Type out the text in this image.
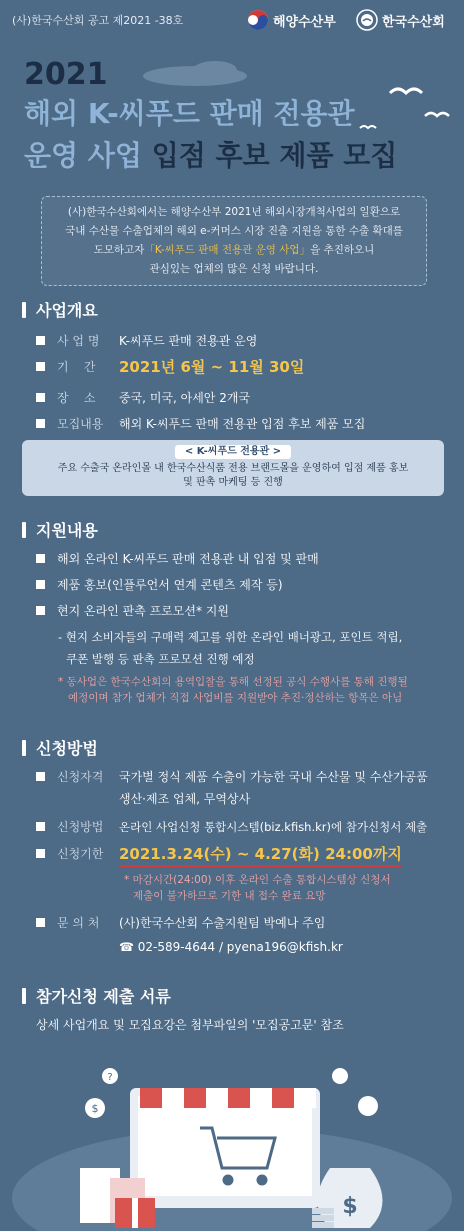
(사)한국수산회 공고 제2021 -38호	해양수산부	한국수산회
2021
해외 K-씨푸드 판매 전용관
운영 사업 입점 후보 제품 모집
(사)한국수산회에서는 해양수산부 2021년 해외시장개척사업의 일환으로
국내 수산물 수출업체의 해외 e-커머스 시장 진출 지원을 통한 수출 확대를
도모하고자「K-씨푸드 판매 전용관 운영 사업」을 추진하오니
관심있는 업체의 많은 신청 바랍니다.
사업개요
사 업 명	K-씨푸드 판매 전용관 운영
기    간	2021년 6월 ~ 11월 30일
장    소	중국, 미국, 아세안 2개국
모집내용	해외 K-씨푸드 판매 전용관 입점 후보 제품 모집
< K-씨푸드 전용관 >
주요 수출국 온라인몰 내 한국수산식품 전용 브랜드몰을 운영하여 입점 제품 홍보
및 판촉 마케팅 등 진행
지원내용
해외 온라인 K-씨푸드 판매 전용관 내 입점 및 판매
제품 홍보(인플루언서 연계 콘텐츠 제작 등)
현지 온라인 판촉 프로모션* 지원
- 현지 소비자들의 구매력 제고를 위한 온라인 배너광고, 포인트 적립,
쿠폰 발행 등 판촉 프로모션 진행 예정
* 동사업은 한국수산회의 용역입찰을 통해 선정된 공식 수행사를 통해 진행될
예정이며 참가 업체가 직접 사업비를 지원받아 추진·정산하는 항목은 아님
신청방법
신청자격	국가별 정식 제품 수출이 가능한 국내 수산물 및 수산가공품
생산·제조 업체, 무역상사
신청방법	온라인 사업신청 통합시스템(biz.kfish.kr)에 참가신청서 제출
신청기한	2021.3.24(수) ~ 4.27(화) 24:00까지
* 마감시간(24:00) 이후 온라인 수출 통합시스템상 신청서
제출이 불가하므로 기한 내 접수 완료 요망
문 의 처	(사)한국수산회 수출지원팀 박예나 주임
☎ 02-589-4644 / pyena196@kfish.kr
참가신청 제출 서류
상세 사업개요 및 모집요강은 첨부파일의 '모집공고문' 참조
$
?
$
